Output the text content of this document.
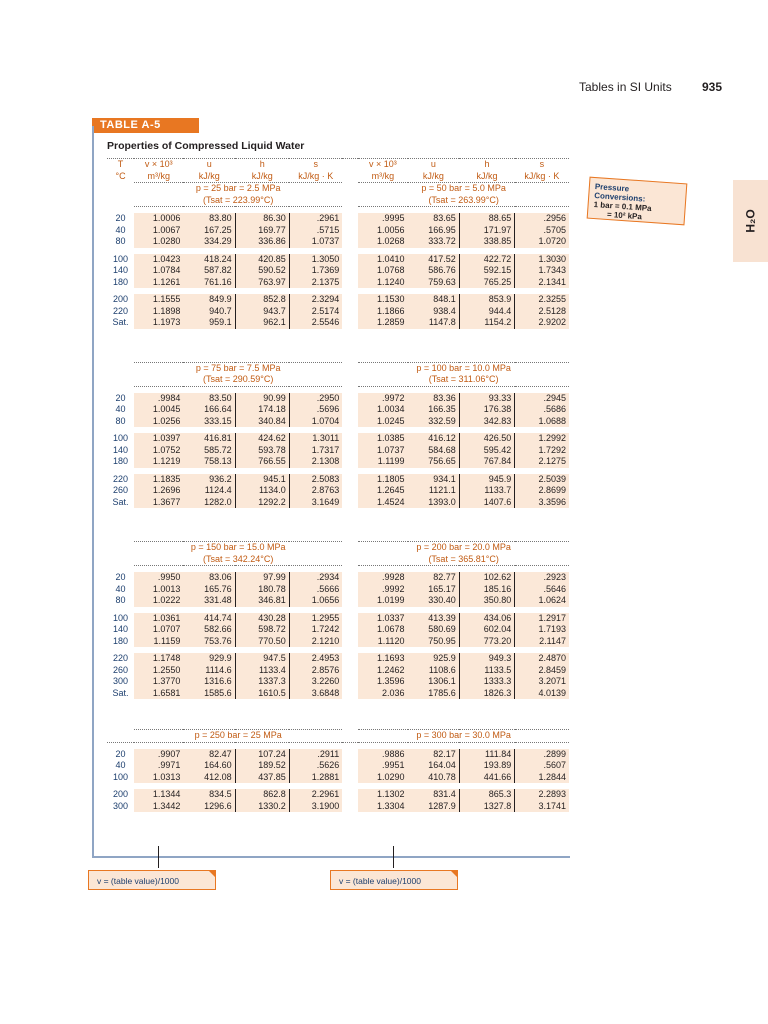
Tables in SI Units	935
H₂O
TABLE A-5
Properties of Compressed Liquid Water
Pressure Conversions:
1 bar = 0.1 MPa
= 10² kPa
T	v × 10³	u	h	s		v × 10³	u	h	s
°C	m³/kg	kJ/kg	kJ/kg	kJ/kg · K		m³/kg	kJ/kg	kJ/kg	kJ/kg · K
	p = 25 bar = 2.5 MPa					p = 50 bar = 5.0 MPa			
	(Tsat = 223.99°C)					(Tsat = 263.99°C)			

20	1.0006	83.80	86.30	.2961		.9995	83.65	88.65	.2956
40	1.0067	167.25	169.77	.5715		1.0056	166.95	171.97	.5705
80	1.0280	334.29	336.86	1.0737		1.0268	333.72	338.85	1.0720

100	1.0423	418.24	420.85	1.3050		1.0410	417.52	422.72	1.3030
140	1.0784	587.82	590.52	1.7369		1.0768	586.76	592.15	1.7343
180	1.1261	761.16	763.97	2.1375		1.1240	759.63	765.25	2.1341

200	1.1555	849.9	852.8	2.3294		1.1530	848.1	853.9	2.3255
220	1.1898	940.7	943.7	2.5174		1.1866	938.4	944.4	2.5128
Sat.	1.1973	959.1	962.1	2.5546		1.2859	1147.8	1154.2	2.9202

	p = 75 bar = 7.5 MPa					p = 100 bar = 10.0 MPa			
	(Tsat = 290.59°C)					(Tsat = 311.06°C)			

20	.9984	83.50	90.99	.2950		.9972	83.36	93.33	.2945
40	1.0045	166.64	174.18	.5696		1.0034	166.35	176.38	.5686
80	1.0256	333.15	340.84	1.0704		1.0245	332.59	342.83	1.0688

100	1.0397	416.81	424.62	1.3011		1.0385	416.12	426.50	1.2992
140	1.0752	585.72	593.78	1.7317		1.0737	584.68	595.42	1.7292
180	1.1219	758.13	766.55	2.1308		1.1199	756.65	767.84	2.1275

220	1.1835	936.2	945.1	2.5083		1.1805	934.1	945.9	2.5039
260	1.2696	1124.4	1134.0	2.8763		1.2645	1121.1	1133.7	2.8699
Sat.	1.3677	1282.0	1292.2	3.1649		1.4524	1393.0	1407.6	3.3596

	p = 150 bar = 15.0 MPa					p = 200 bar = 20.0 MPa			
	(Tsat = 342.24°C)					(Tsat = 365.81°C)			

20	.9950	83.06	97.99	.2934		.9928	82.77	102.62	.2923
40	1.0013	165.76	180.78	.5666		.9992	165.17	185.16	.5646
80	1.0222	331.48	346.81	1.0656		1.0199	330.40	350.80	1.0624

100	1.0361	414.74	430.28	1.2955		1.0337	413.39	434.06	1.2917
140	1.0707	582.66	598.72	1.7242		1.0678	580.69	602.04	1.7193
180	1.1159	753.76	770.50	2.1210		1.1120	750.95	773.20	2.1147

220	1.1748	929.9	947.5	2.4953		1.1693	925.9	949.3	2.4870
260	1.2550	1114.6	1133.4	2.8576		1.2462	1108.6	1133.5	2.8459
300	1.3770	1316.6	1337.3	3.2260		1.3596	1306.1	1333.3	3.2071
Sat.	1.6581	1585.6	1610.5	3.6848		2.036	1785.6	1826.3	4.0139

	p = 250 bar = 25 MPa					p = 300 bar = 30.0 MPa			

20	.9907	82.47	107.24	.2911		.9886	82.17	111.84	.2899
40	.9971	164.60	189.52	.5626		.9951	164.04	193.89	.5607
100	1.0313	412.08	437.85	1.2881		1.0290	410.78	441.66	1.2844

200	1.1344	834.5	862.8	2.2961		1.1302	831.4	865.3	2.2893
300	1.3442	1296.6	1330.2	3.1900		1.3304	1287.9	1327.8	3.1741
v = (table value)/1000	v = (table value)/1000
